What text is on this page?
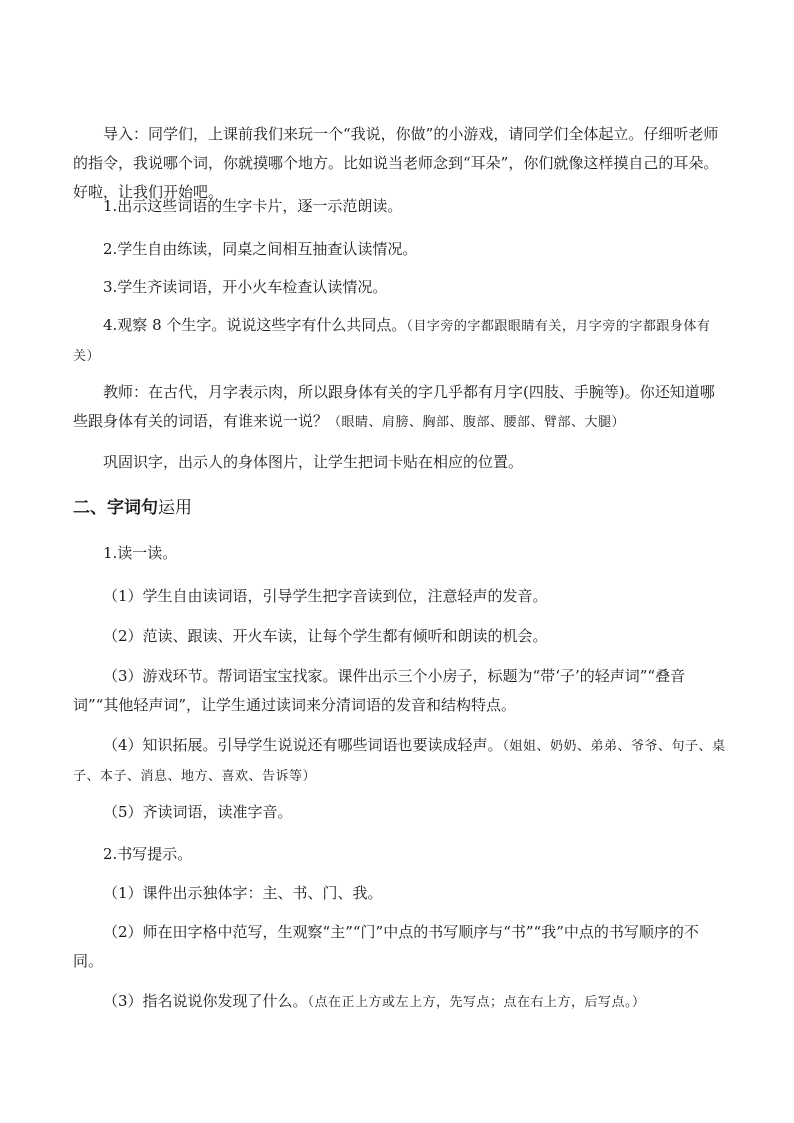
导入：同学们，上课前我们来玩一个“我说，你做”的小游戏，请同学们全体起立。仔细听老师的指令，我说哪个词，你就摸哪个地方。比如说当老师念到“耳朵”，你们就像这样摸自己的耳朵。好啦，让我们开始吧。

1.出示这些词语的生字卡片，逐一示范朗读。

2.学生自由练读，同桌之间相互抽查认读情况。

3.学生齐读词语，开小火车检查认读情况。

4.观察 8 个生字。说说这些字有什么共同点。（目字旁的字都跟眼睛有关，月字旁的字都跟身体有关）

教师：在古代，月字表示肉，所以跟身体有关的字几乎都有月字(四肢、手腕等)。你还知道哪些跟身体有关的词语，有谁来说一说？（眼睛、肩膀、胸部、腹部、腰部、臂部、大腿）

巩固识字，出示人的身体图片，让学生把词卡贴在相应的位置。

二、字词句运用

1.读一读。

（1）学生自由读词语，引导学生把字音读到位，注意轻声的发音。

（2）范读、跟读、开火车读，让每个学生都有倾听和朗读的机会。

（3）游戏环节。帮词语宝宝找家。课件出示三个小房子，标题为“带‘子’的轻声词”“叠音词”“其他轻声词”，让学生通过读词来分清词语的发音和结构特点。

（4）知识拓展。引导学生说说还有哪些词语也要读成轻声。（姐姐、奶奶、弟弟、爷爷、句子、桌子、本子、消息、地方、喜欢、告诉等）

（5）齐读词语，读准字音。

2.书写提示。

（1）课件出示独体字：主、书、门、我。

（2）师在田字格中范写，生观察“主”“门”中点的书写顺序与“书”“我”中点的书写顺序的不同。

（3）指名说说你发现了什么。（点在正上方或左上方，先写点；点在右上方，后写点。）
